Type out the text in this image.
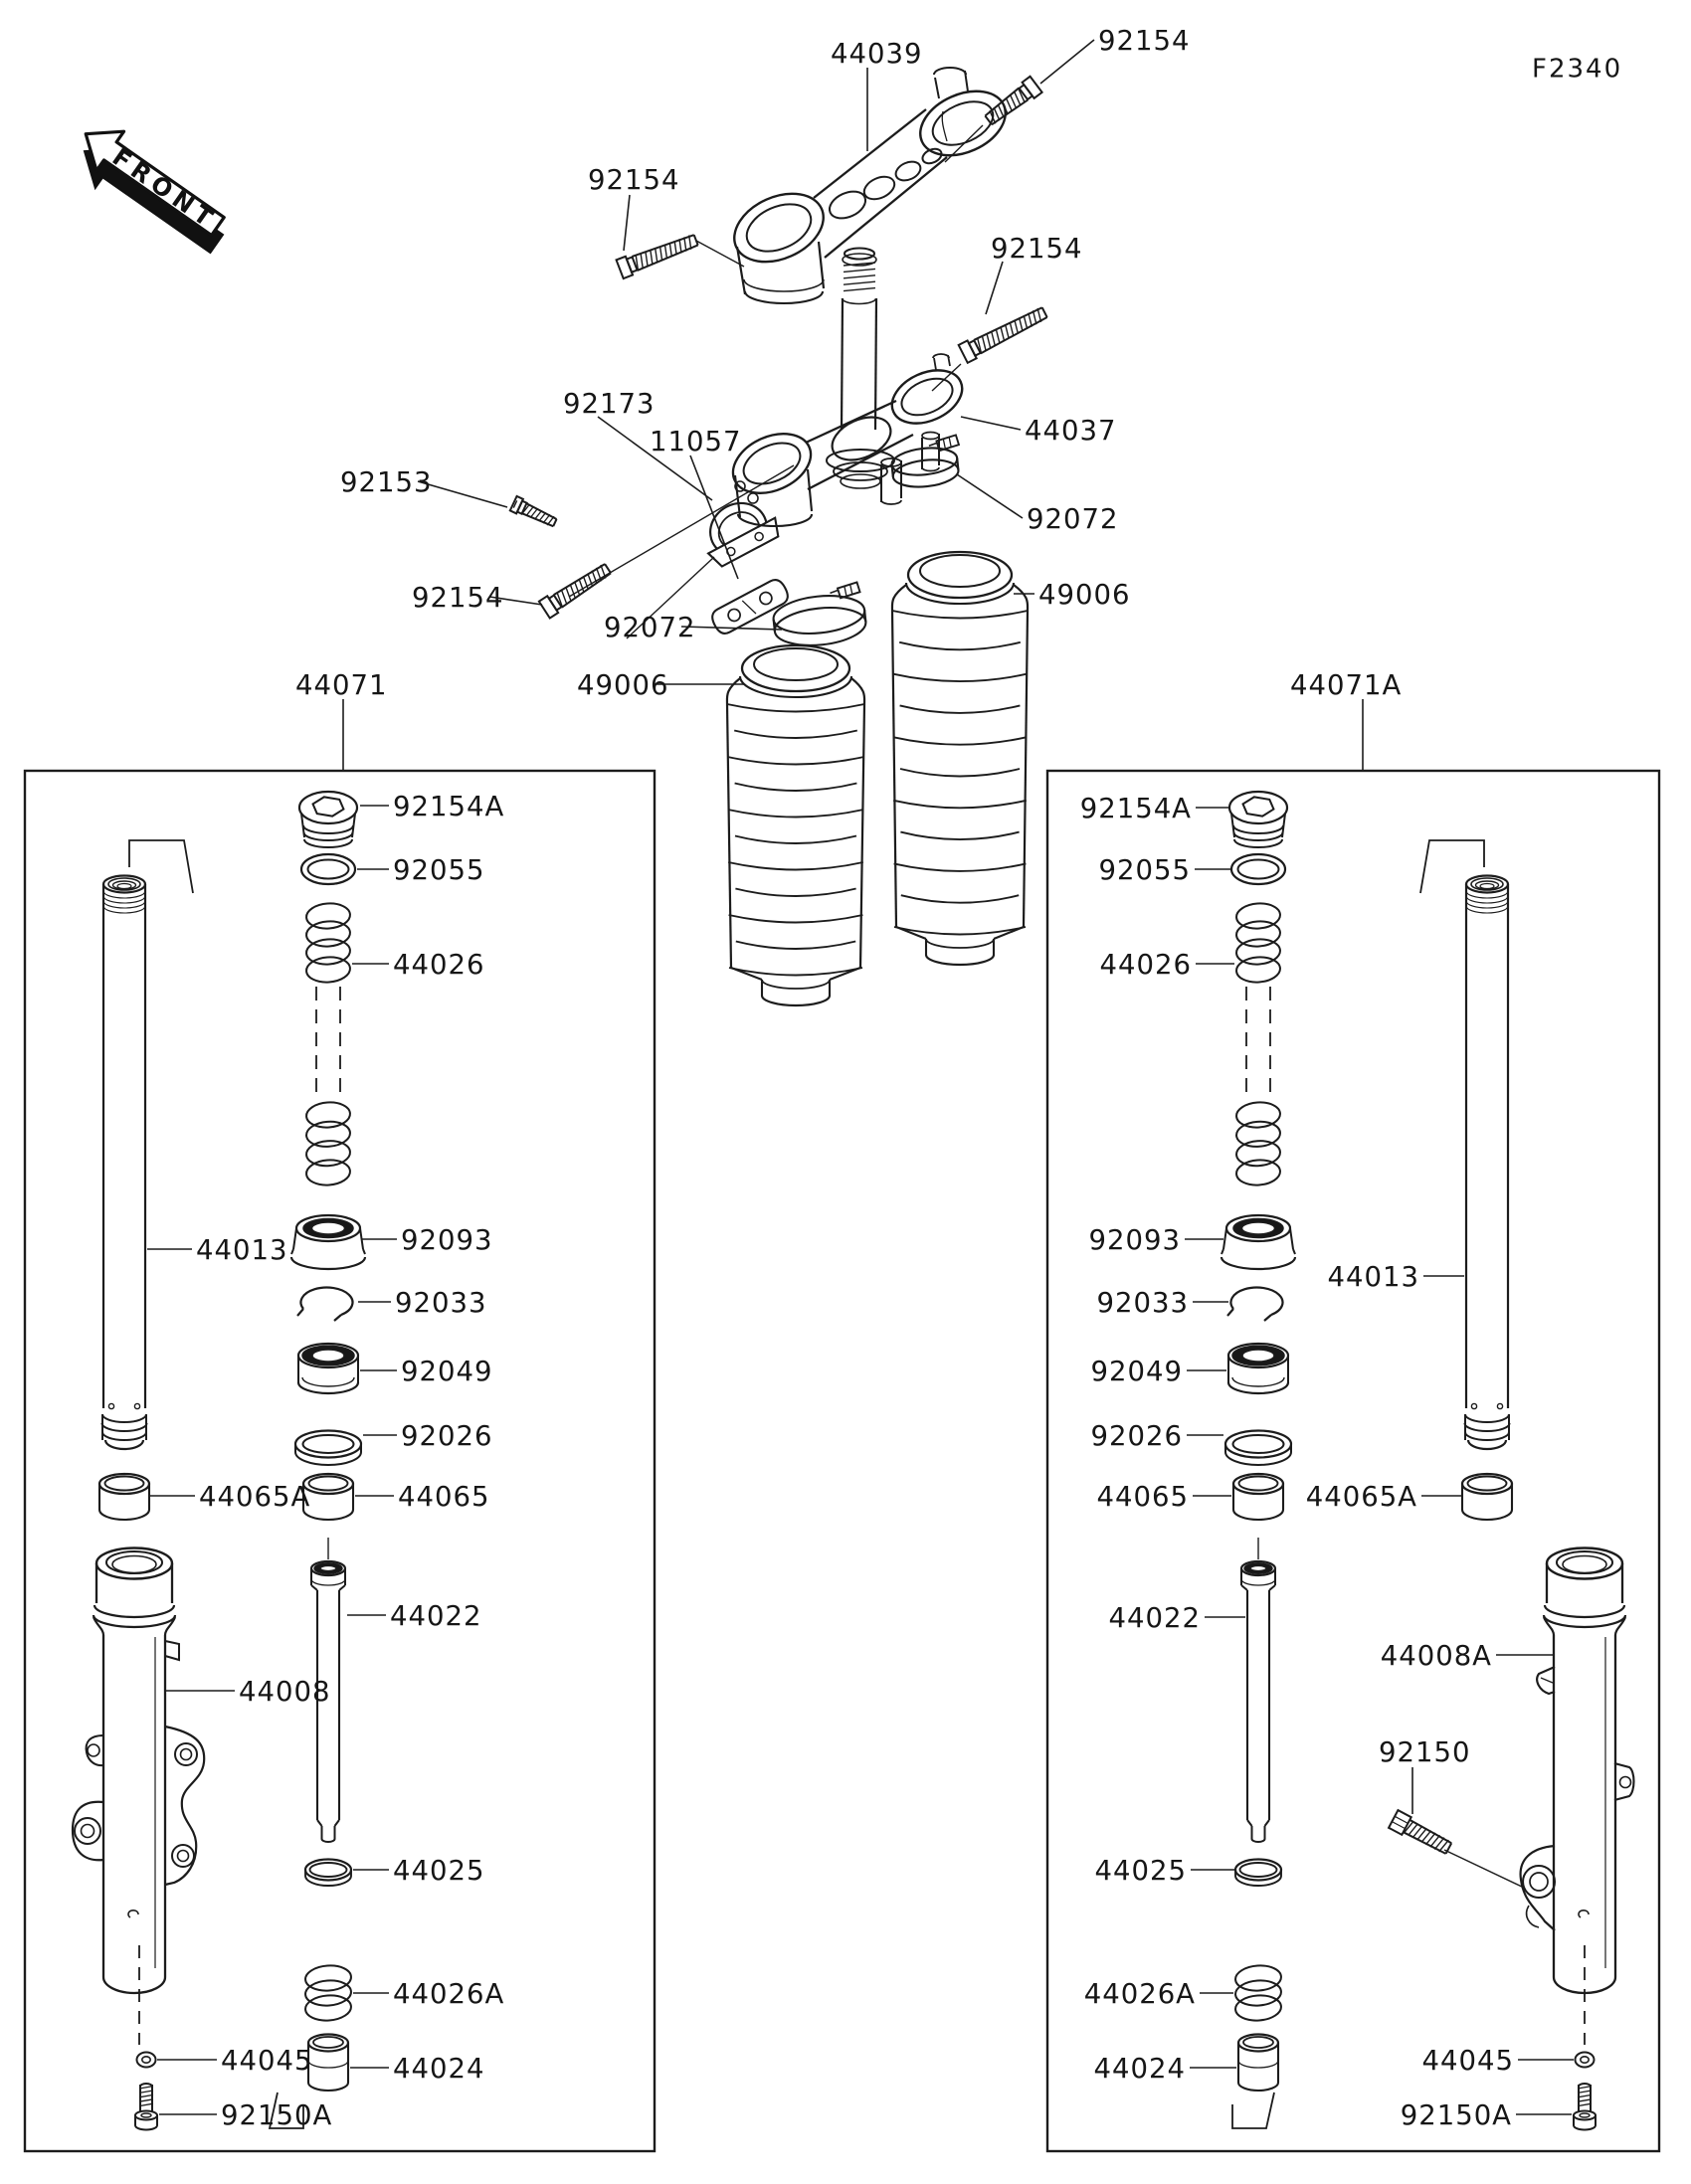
FRONT
92154
44039
92154
92154
92173
11057
92153
44037
92072
49006
92154
92072
49006
44071	44071A
F2340
92154A
92055
44026
92093
92033
92049
92026
44065
44013
44065A
44022
44008
44025
44026A
44024
44045
92150A
92154A
92055
44026
92093
92033
92049
92026
44065
44013
44065A
44022
44008A
92150
44025
44026A
44024	44045
92150A
